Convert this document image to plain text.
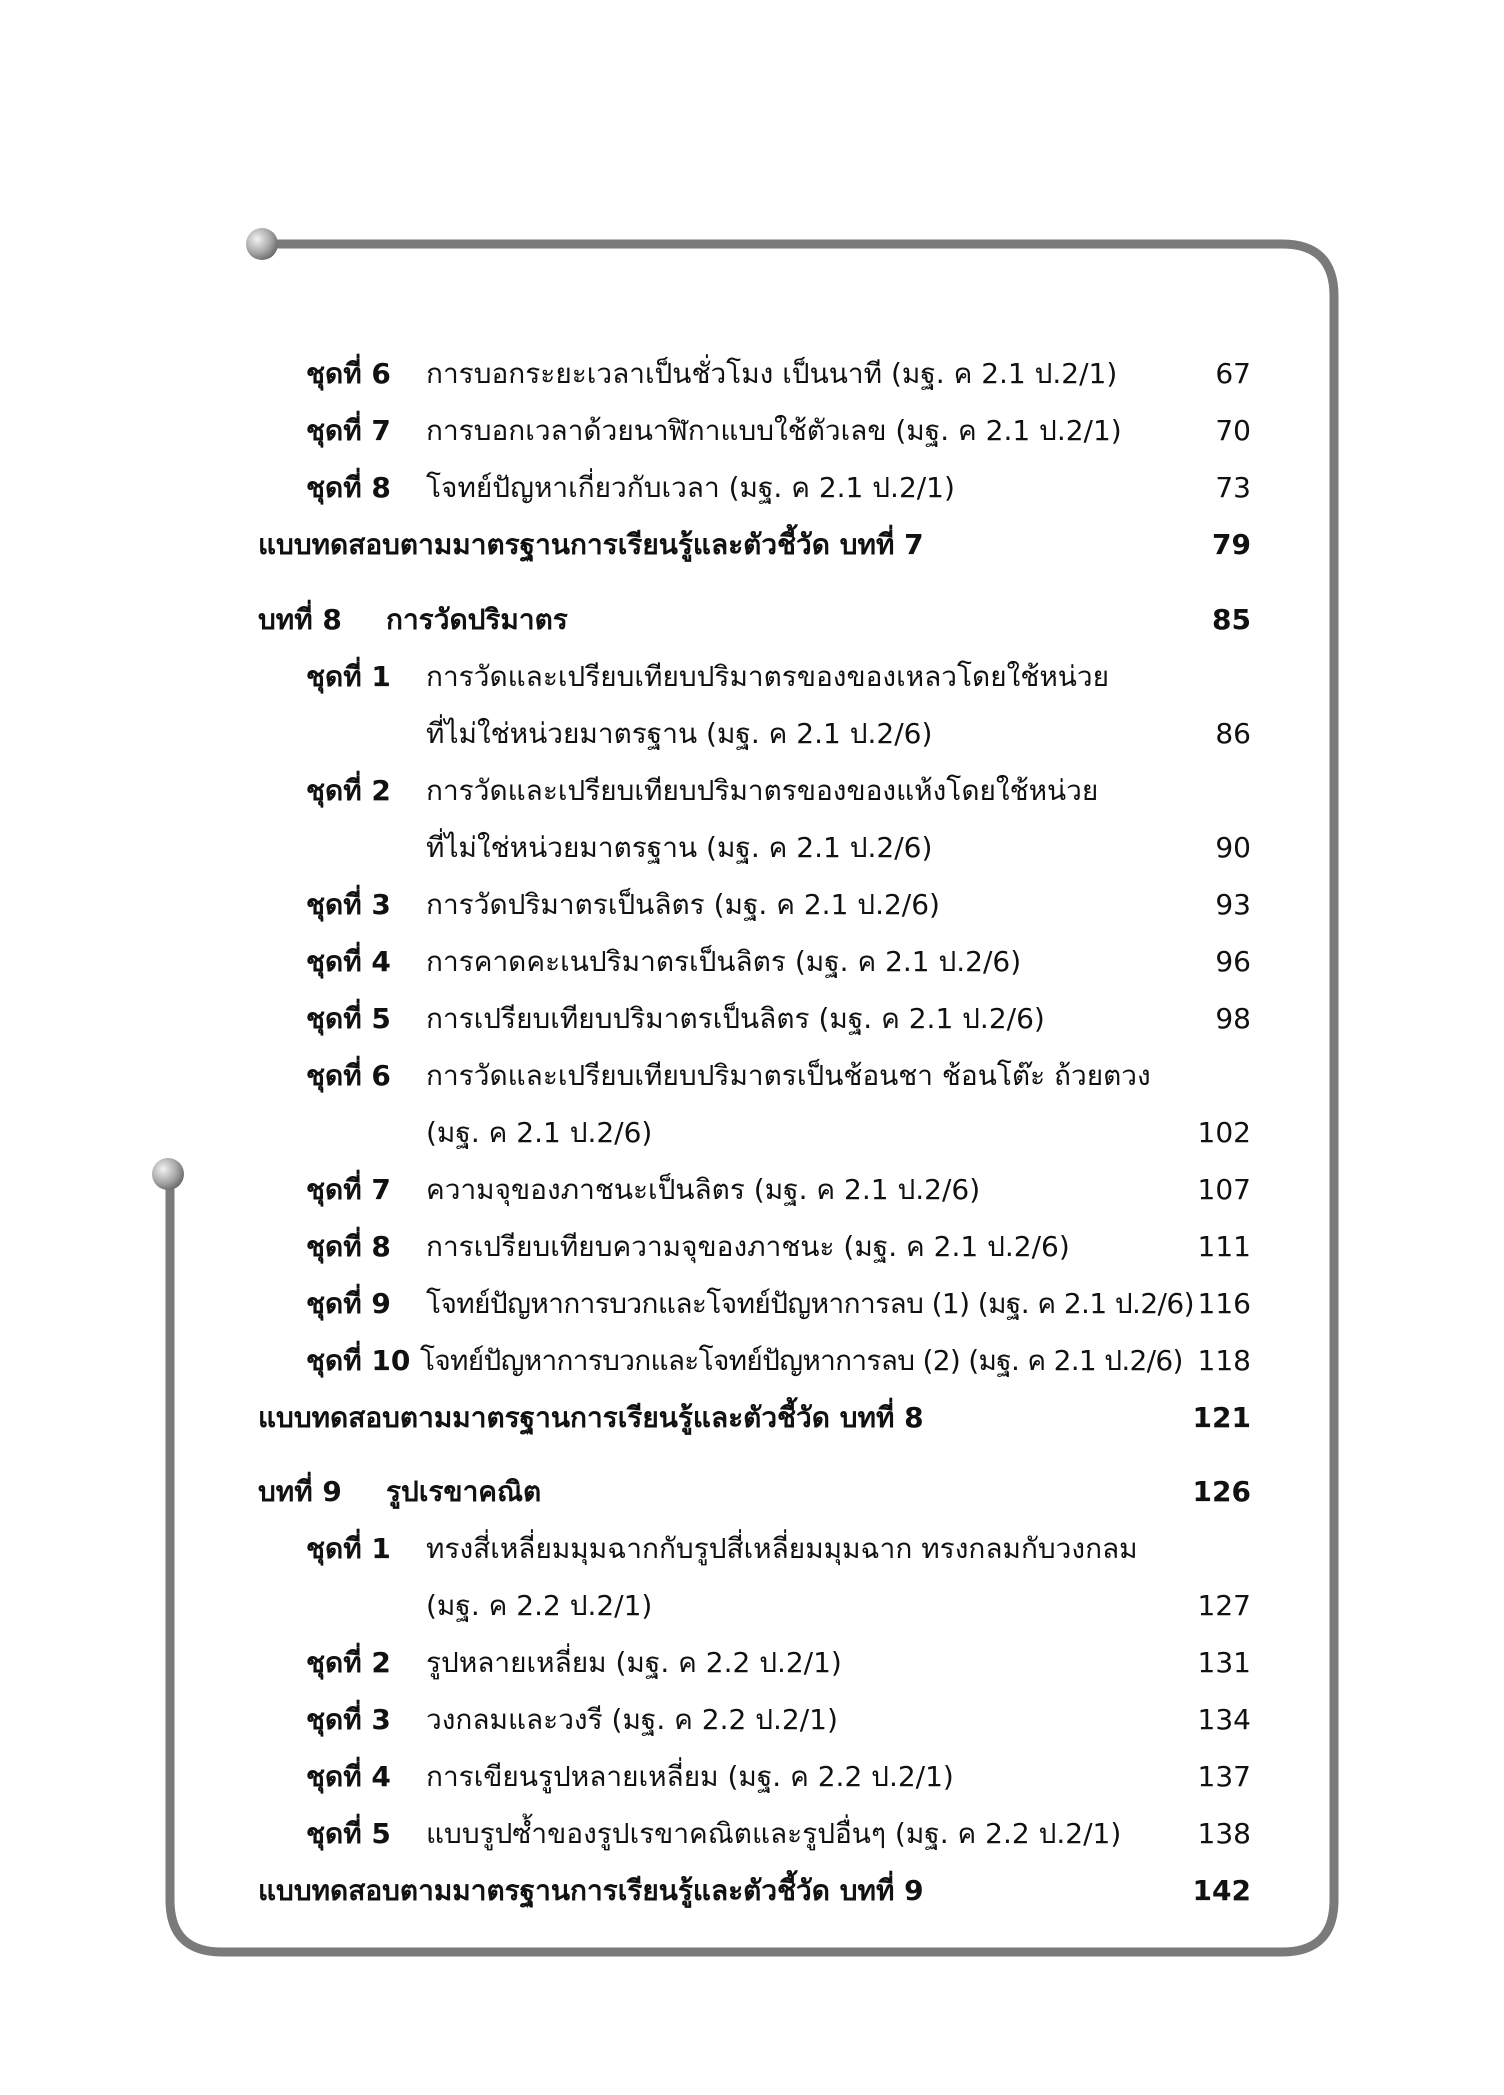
ชุดที่ 6 การบอกระยะเวลาเป็นชั่วโมง เป็นนาที (มฐ. ค 2.1 ป.2/1)	67
ชุดที่ 7 การบอกเวลาด้วยนาฬิกาแบบใช้ตัวเลข (มฐ. ค 2.1 ป.2/1)	70
ชุดที่ 8 โจทย์ปัญหาเกี่ยวกับเวลา (มฐ. ค 2.1 ป.2/1)	73
แบบทดสอบตามมาตรฐานการเรียนรู้และตัวชี้วัด บทที่ 7	79
บทที่ 8 การวัดปริมาตร	85
ชุดที่ 1 การวัดและเปรียบเทียบปริมาตรของของเหลวโดยใช้หน่วย
ที่ไม่ใช่หน่วยมาตรฐาน (มฐ. ค 2.1 ป.2/6)	86
ชุดที่ 2 การวัดและเปรียบเทียบปริมาตรของของแห้งโดยใช้หน่วย
ที่ไม่ใช่หน่วยมาตรฐาน (มฐ. ค 2.1 ป.2/6)	90
ชุดที่ 3 การวัดปริมาตรเป็นลิตร (มฐ. ค 2.1 ป.2/6)	93
ชุดที่ 4 การคาดคะเนปริมาตรเป็นลิตร (มฐ. ค 2.1 ป.2/6)	96
ชุดที่ 5 การเปรียบเทียบปริมาตรเป็นลิตร (มฐ. ค 2.1 ป.2/6)	98
ชุดที่ 6 การวัดและเปรียบเทียบปริมาตรเป็นช้อนชา ช้อนโต๊ะ ถ้วยตวง
(มฐ. ค 2.1 ป.2/6)	102
ชุดที่ 7 ความจุของภาชนะเป็นลิตร (มฐ. ค 2.1 ป.2/6)	107
ชุดที่ 8 การเปรียบเทียบความจุของภาชนะ (มฐ. ค 2.1 ป.2/6)	111
ชุดที่ 9 โจทย์ปัญหาการบวกและโจทย์ปัญหาการลบ (1) (มฐ. ค 2.1 ป.2/6) 116
ชุดที่ 10 โจทย์ปัญหาการบวกและโจทย์ปัญหาการลบ (2) (มฐ. ค 2.1 ป.2/6) 118
แบบทดสอบตามมาตรฐานการเรียนรู้และตัวชี้วัด บทที่ 8	121
บทที่ 9 รูปเรขาคณิต	126
ชุดที่ 1 ทรงสี่เหลี่ยมมุมฉากกับรูปสี่เหลี่ยมมุมฉาก ทรงกลมกับวงกลม
(มฐ. ค 2.2 ป.2/1)	127
ชุดที่ 2 รูปหลายเหลี่ยม (มฐ. ค 2.2 ป.2/1)	131
ชุดที่ 3 วงกลมและวงรี (มฐ. ค 2.2 ป.2/1)	134
ชุดที่ 4 การเขียนรูปหลายเหลี่ยม (มฐ. ค 2.2 ป.2/1)	137
ชุดที่ 5 แบบรูปซ้ำของรูปเรขาคณิตและรูปอื่นๆ (มฐ. ค 2.2 ป.2/1)	138
แบบทดสอบตามมาตรฐานการเรียนรู้และตัวชี้วัด บทที่ 9	142
